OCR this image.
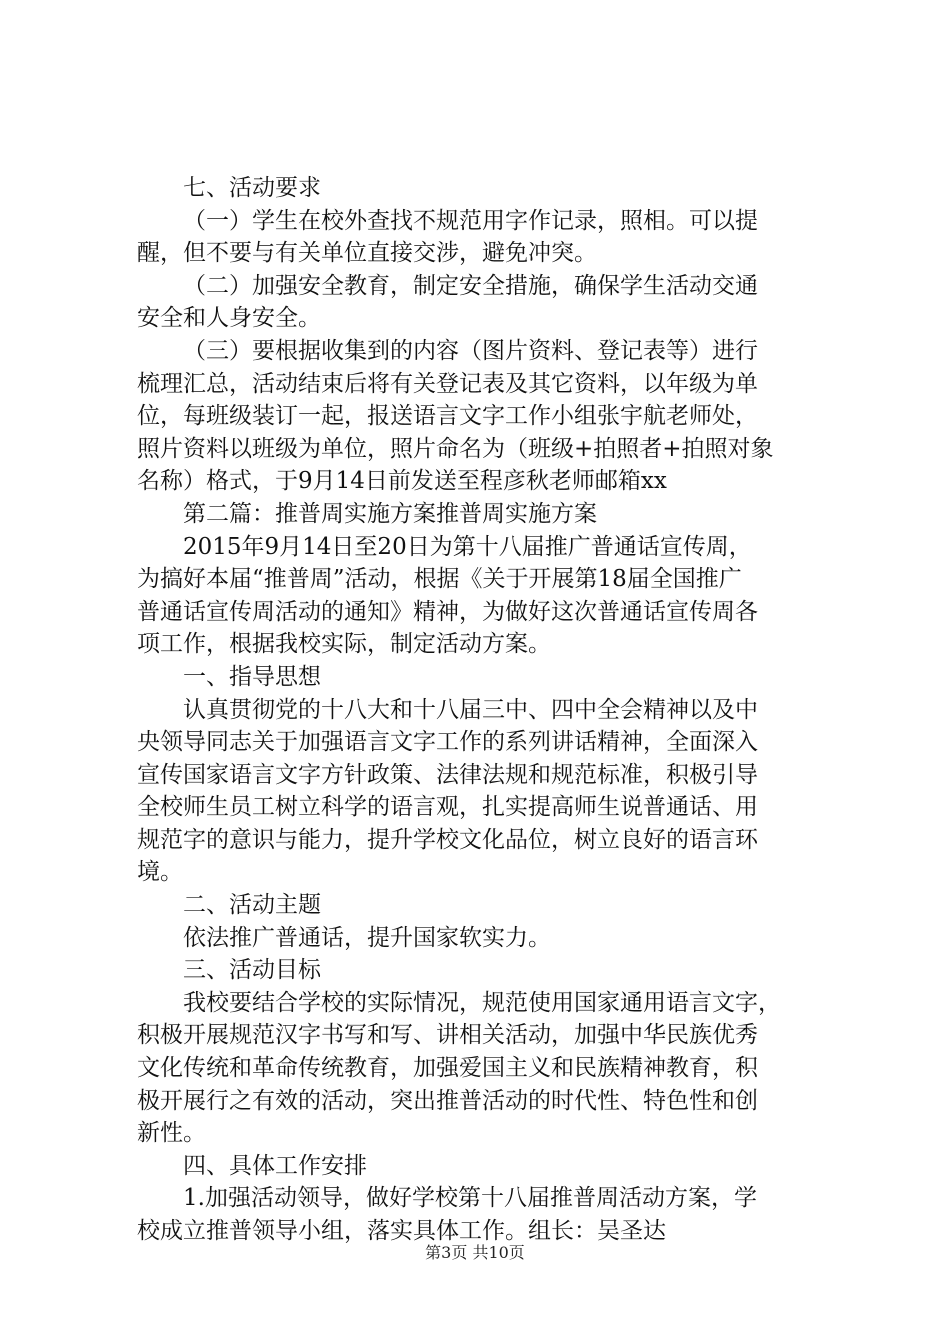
七、活动要求
（一）学生在校外查找不规范用字作记录，照相。可以提
醒，但不要与有关单位直接交涉，避免冲突。
（二）加强安全教育，制定安全措施，确保学生活动交通
安全和人身安全。
（三）要根据收集到的内容（图片资料、登记表等）进行
梳理汇总，活动结束后将有关登记表及其它资料，以年级为单
位，每班级装订一起，报送语言文字工作小组张宇航老师处，
照片资料以班级为单位，照片命名为（班级+拍照者+拍照对象
名称）格式，于9月14日前发送至程彦秋老师邮箱xx
第二篇：推普周实施方案推普周实施方案
2015年9月14日至20日为第十八届推广普通话宣传周，
为搞好本届“推普周”活动，根据《关于开展第18届全国推广
普通话宣传周活动的通知》精神，为做好这次普通话宣传周各
项工作，根据我校实际，制定活动方案。
一、指导思想
认真贯彻党的十八大和十八届三中、四中全会精神以及中
央领导同志关于加强语言文字工作的系列讲话精神，全面深入
宣传国家语言文字方针政策、法律法规和规范标准，积极引导
全校师生员工树立科学的语言观，扎实提高师生说普通话、用
规范字的意识与能力，提升学校文化品位，树立良好的语言环
境。
二、活动主题
依法推广普通话，提升国家软实力。
三、活动目标
我校要结合学校的实际情况，规范使用国家通用语言文字，
积极开展规范汉字书写和写、讲相关活动，加强中华民族优秀
文化传统和革命传统教育，加强爱国主义和民族精神教育，积
极开展行之有效的活动，突出推普活动的时代性、特色性和创
新性。
四、具体工作安排
1.加强活动领导，做好学校第十八届推普周活动方案，学
校成立推普领导小组，落实具体工作。组长：吴圣达
第3页 共10页
